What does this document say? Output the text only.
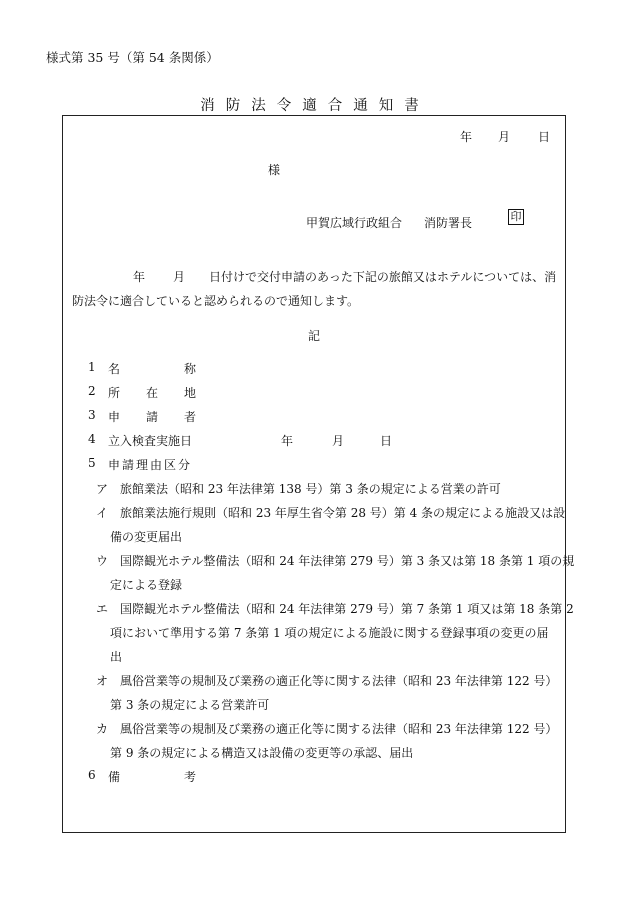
様式第 35 号（第 54 条関係）
消防法令適合通知書
年 月 日
様
甲賀広域行政組合 消防署長	印
年 月 日付けで交付申請のあった下記の旅館又はホテルについては、消
防法令に適合していると認められるので通知します。
記
1 名	称
2 所 在 地
3 申 請 者
4 立入検査実施日	年	月	日
5 申請理由区分
ア 旅館業法（昭和 23 年法律第 138 号）第 3 条の規定による営業の許可
イ 旅館業法施行規則（昭和 23 年厚生省令第 28 号）第 4 条の規定による施設又は設
備の変更届出
ウ 国際観光ホテル整備法（昭和 24 年法律第 279 号）第 3 条又は第 18 条第 1 項の規
定による登録
エ 国際観光ホテル整備法（昭和 24 年法律第 279 号）第 7 条第 1 項又は第 18 条第 2
項において準用する第 7 条第 1 項の規定による施設に関する登録事項の変更の届
出
オ 風俗営業等の規制及び業務の適正化等に関する法律（昭和 23 年法律第 122 号）
第 3 条の規定による営業許可
カ 風俗営業等の規制及び業務の適正化等に関する法律（昭和 23 年法律第 122 号）
第 9 条の規定による構造又は設備の変更等の承認、届出
6 備	考
